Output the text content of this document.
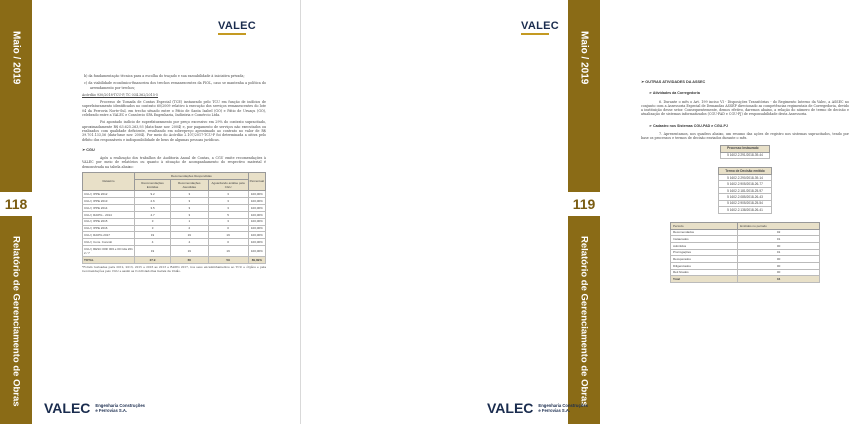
Maio / 2019
118
Relatório de Gerenciamento de Obras
VALEC

b) da fundamentação técnica para a escolha do traçado e sua razoabilidade à iniciativa privada;

c) da viabilidade econômico-financeira dos trechos remanescentes da FIOL, caso se mantenha a política do arrendamento por trechos;

Acórdão 930/2018-TCU-P, TC 034.362/2015-5

Processo de Tomada de Contas Especial (TCE) instaurado pelo TCU em função de indícios de superfaturamento identificados no contrato 60/2009 relativo à execução dos serviços remanescentes do lote 04 da Ferrovia Norte-Sul, em trecho situado entre o Pátio de Santa Izabel (GO) e Pátio de Uruaçu (GO), celebrado entre a VALEC e Consórcio SPA Engenharia, Indústria e Comércio Ltda.

Foi apontado indício de superfaturamento por preço excessivo em 29% do contrato supracitado, aproximadamente R$ 63.625.263,93 (data-base nov. 2004) e, por pagamento de serviços não executados ou realizados com qualidade deficiente, resultando em sobrepreço aproximado ao contrato no valor de R$ 39.701.133,56 (data-base nov. 2004). Por meio do Acórdão 2.107/2017-TCU-P foi determinada a oitiva pelo débito dos responsáveis e indisponibilidade de bens de algumas pessoas jurídicas.

➢ CGU

Após a realização dos trabalhos de Auditoria Anual de Contas, a CGU emite recomendações à VALEC por meio de relatórios ou quanto à situação de acompanhamento do respectivo material é demonstrada na tabela abaixo:

Relatório	Recomendações Respondidas			Percentual
	Recomendações Emitidas	Recomendações Atendidas	Aguardando análise pela CGU	
CGU | IPPE 2012	9.2	3	3	100,00%
CGU | IPPE 2013	2.6	3	3	100,00%
CGU | IPPE 2014	3.5	3	3	100,00%
CGU | RAIPG - 2014	4.7	3	5	100,00%
CGU | IPPE 2015	3	1	3	100,00%
CGU | IPPE 2016	3	2	0	100,00%
CGU | RAIPG 2017	19	19	19	100,00%
CGU | Cons. Concob	4	4	0	100,00%
CGU | RESC 003/ 003 e 00 Cda 201 2 / 7	19	19	19	100,00%
TOTAL	27.9	66	59	89,39%

*Foram revisadas para 2012, 2013, 2015 e 2016 as 2013 e RAIPG 2017, nos seus encaminhamentos ao TCU e órgãos e pela recomendações pelo CGU e assim as Controladorias Gerais da União.

VALEC Engenharia Construções
e Ferrovias S.A.
Maio / 2019
119
Relatório de Gerenciamento de Obras
VALEC
➢ OUTRAS ATIVIDADES DA ASSEC
➢ Atividades da Corregedoria

6. Durante o mês o Art. 199 inciso VI - Disposições Transitórias - do Regimento Interno da Valec, a ASSEC no conjunto com a Assessoria Especial de Demandas ASSEP direcionado as competências regimentais de Corregedoria, devido a instituição desse setor. Consequentemente, demos efetivo, daremos abaixo, a relação do número de termo de decisão e atualização de sistemas informatizados (CGU-PAD e CGU-PJ) de responsabilidade desta Assessoria.

➢ Cadastro nos Sistemas CGU-PAD e CGU-PJ

7. Apresentamos, nos quadros abaixo, um resumo das ações de registro nos sistemas supracitados, tendo por base os processos e termos de decisão enviados durante o mês.

Processo Instaurado
5 1602.2.291/2018-39-44
Termo de Decisão emitido
5 1602.2.290/2018-39-14
5 1602.2.905/2018-26-77
5 1602.2.181/2018-25-97
5 1602.2.085/2018-26-43
5 1602.2.905/2018-25-54
5 1602.2.138/2018-26-41
Período	Emitidos no período
Recomendados	02
Instaurados	01
Admitidos	00
Prorrogações	01
Recuperados	00
Diligenciados	00
Reti ficados	00
Total	04
VALEC Engenharia Construções
e Ferrovias S.A.
